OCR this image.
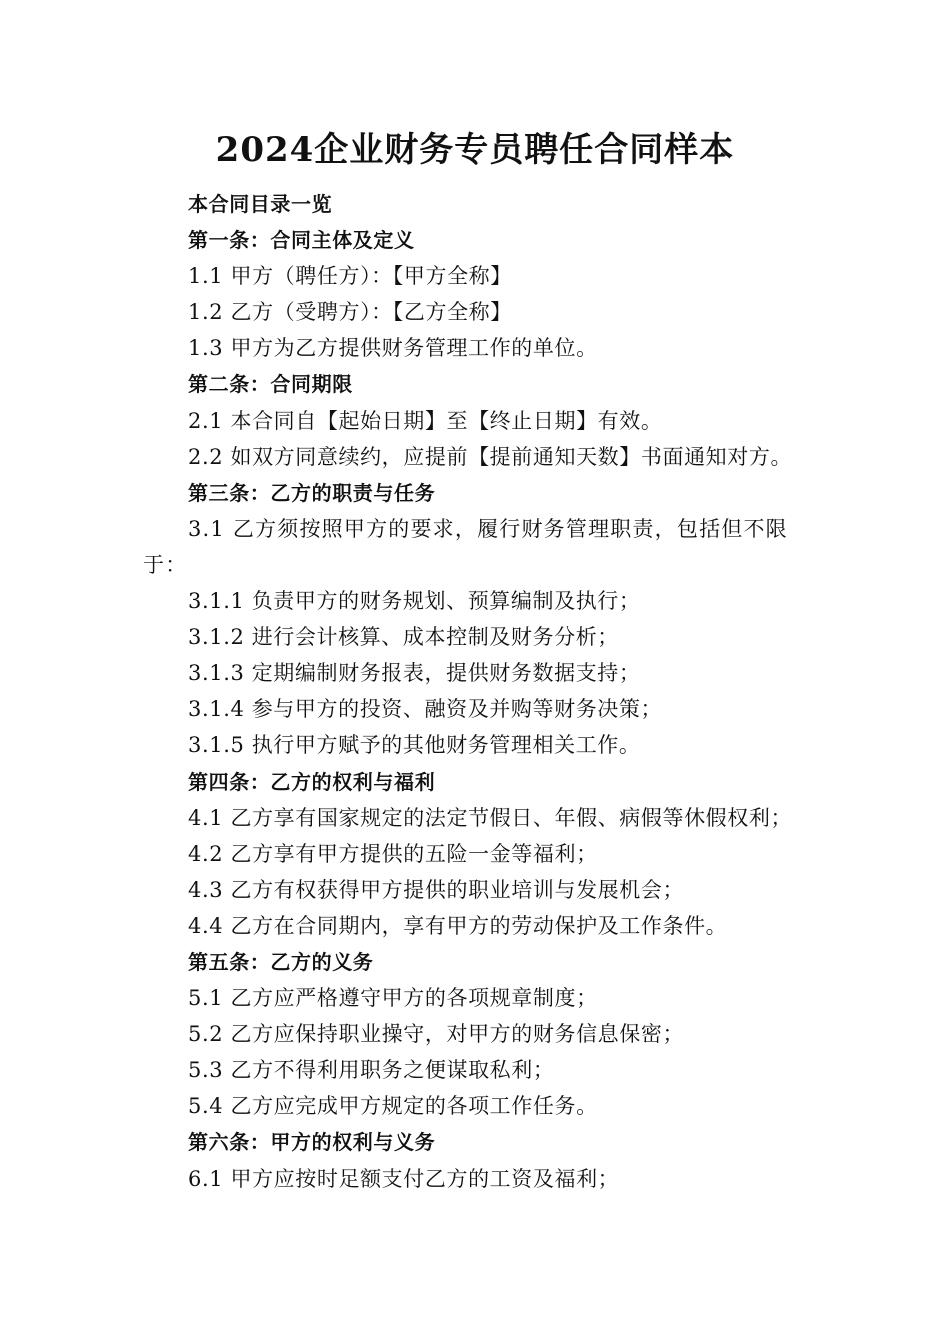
2024企业财务专员聘任合同样本
本合同目录一览
第一条：合同主体及定义
1.1 甲方（聘任方）：【甲方全称】
1.2 乙方（受聘方）：【乙方全称】
1.3 甲方为乙方提供财务管理工作的单位。
第二条：合同期限
2.1 本合同自【起始日期】至【终止日期】有效。
2.2 如双方同意续约，应提前【提前通知天数】书面通知对方。
第三条：乙方的职责与任务
3.1 乙方须按照甲方的要求，履行财务管理职责，包括但不限于：
3.1.1 负责甲方的财务规划、预算编制及执行；
3.1.2 进行会计核算、成本控制及财务分析；
3.1.3 定期编制财务报表，提供财务数据支持；
3.1.4 参与甲方的投资、融资及并购等财务决策；
3.1.5 执行甲方赋予的其他财务管理相关工作。
第四条：乙方的权利与福利
4.1 乙方享有国家规定的法定节假日、年假、病假等休假权利；
4.2 乙方享有甲方提供的五险一金等福利；
4.3 乙方有权获得甲方提供的职业培训与发展机会；
4.4 乙方在合同期内，享有甲方的劳动保护及工作条件。
第五条：乙方的义务
5.1 乙方应严格遵守甲方的各项规章制度；
5.2 乙方应保持职业操守，对甲方的财务信息保密；
5.3 乙方不得利用职务之便谋取私利；
5.4 乙方应完成甲方规定的各项工作任务。
第六条：甲方的权利与义务
6.1 甲方应按时足额支付乙方的工资及福利；
